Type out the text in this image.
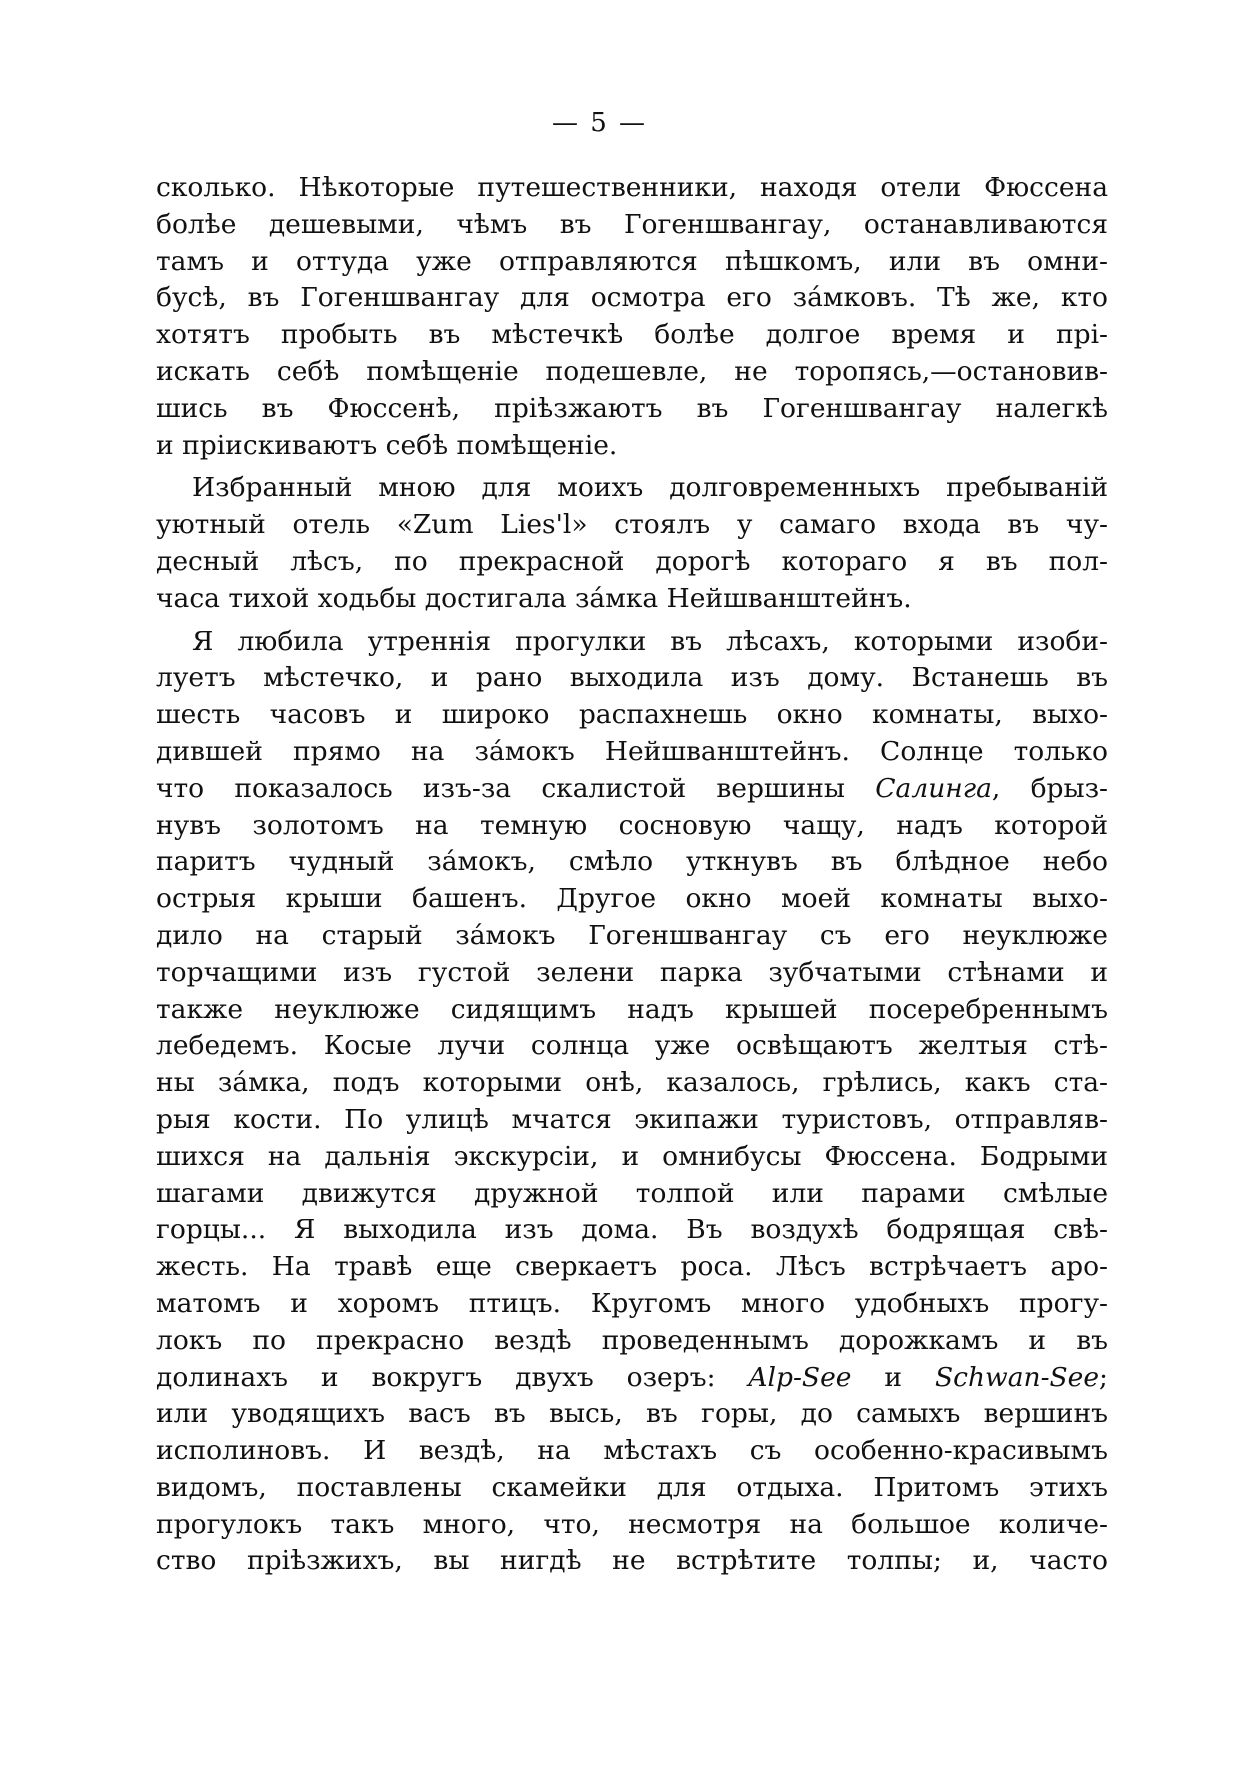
— 5 —
сколько. Нѣкоторые путешественники, находя отели Фюссена
болѣе дешевыми, чѣмъ въ Гогеншвангау, останавливаются
тамъ и оттуда уже отправляются пѣшкомъ, или въ омни-
бусѣ, въ Гогеншвангау для осмотра его зáмковъ. Тѣ же, кто
хотятъ пробыть въ мѣстечкѣ болѣе долгое время и прі-
искать себѣ помѣщеніе подешевле, не торопясь,—остановив-
шись въ Фюссенѣ, пріѣзжаютъ въ Гогеншвангау налегкѣ
и пріискиваютъ себѣ помѣщеніе.
Избранный мною для моихъ долговременныхъ пребываній
уютный отель «Zum Lies'l» стоялъ у самаго входа въ чу-
десный лѣсъ, по прекрасной дорогѣ котораго я въ пол-
часа тихой ходьбы достигала зáмка Нейшванштейнъ.
Я любила утреннія прогулки въ лѣсахъ, которыми изоби-
луетъ мѣстечко, и рано выходила изъ дому. Встанешь въ
шесть часовъ и широко распахнешь окно комнаты, выхо-
дившей прямо на зáмокъ Нейшванштейнъ. Солнце только
что показалось изъ-за скалистой вершины Салинга, брыз-
нувъ золотомъ на темную сосновую чащу, надъ которой
паритъ чудный зáмокъ, смѣло уткнувъ въ блѣдное небо
острыя крыши башенъ. Другое окно моей комнаты выхо-
дило на старый зáмокъ Гогеншвангау съ его неуклюже
торчащими изъ густой зелени парка зубчатыми стѣнами и
также неуклюже сидящимъ надъ крышей посеребреннымъ
лебедемъ. Косые лучи солнца уже освѣщаютъ желтыя стѣ-
ны зáмка, подъ которыми онѣ, казалось, грѣлись, какъ ста-
рыя кости. По улицѣ мчатся экипажи туристовъ, отправляв-
шихся на дальнія экскурсіи, и омнибусы Фюссена. Бодрыми
шагами движутся дружной толпой или парами смѣлые
горцы... Я выходила изъ дома. Въ воздухѣ бодрящая свѣ-
жесть. На травѣ еще сверкаетъ роса. Лѣсъ встрѣчаетъ аро-
матомъ и хоромъ птицъ. Кругомъ много удобныхъ прогу-
локъ по прекрасно вездѣ проведеннымъ дорожкамъ и въ
долинахъ и вокругъ двухъ озеръ: Alp-See и Schwan-See;
или уводящихъ васъ въ высь, въ горы, до самыхъ вершинъ
исполиновъ. И вездѣ, на мѣстахъ съ особенно-красивымъ
видомъ, поставлены скамейки для отдыха. Притомъ этихъ
прогулокъ такъ много, что, несмотря на большое количе-
ство пріѣзжихъ, вы нигдѣ не встрѣтите толпы; и, часто
